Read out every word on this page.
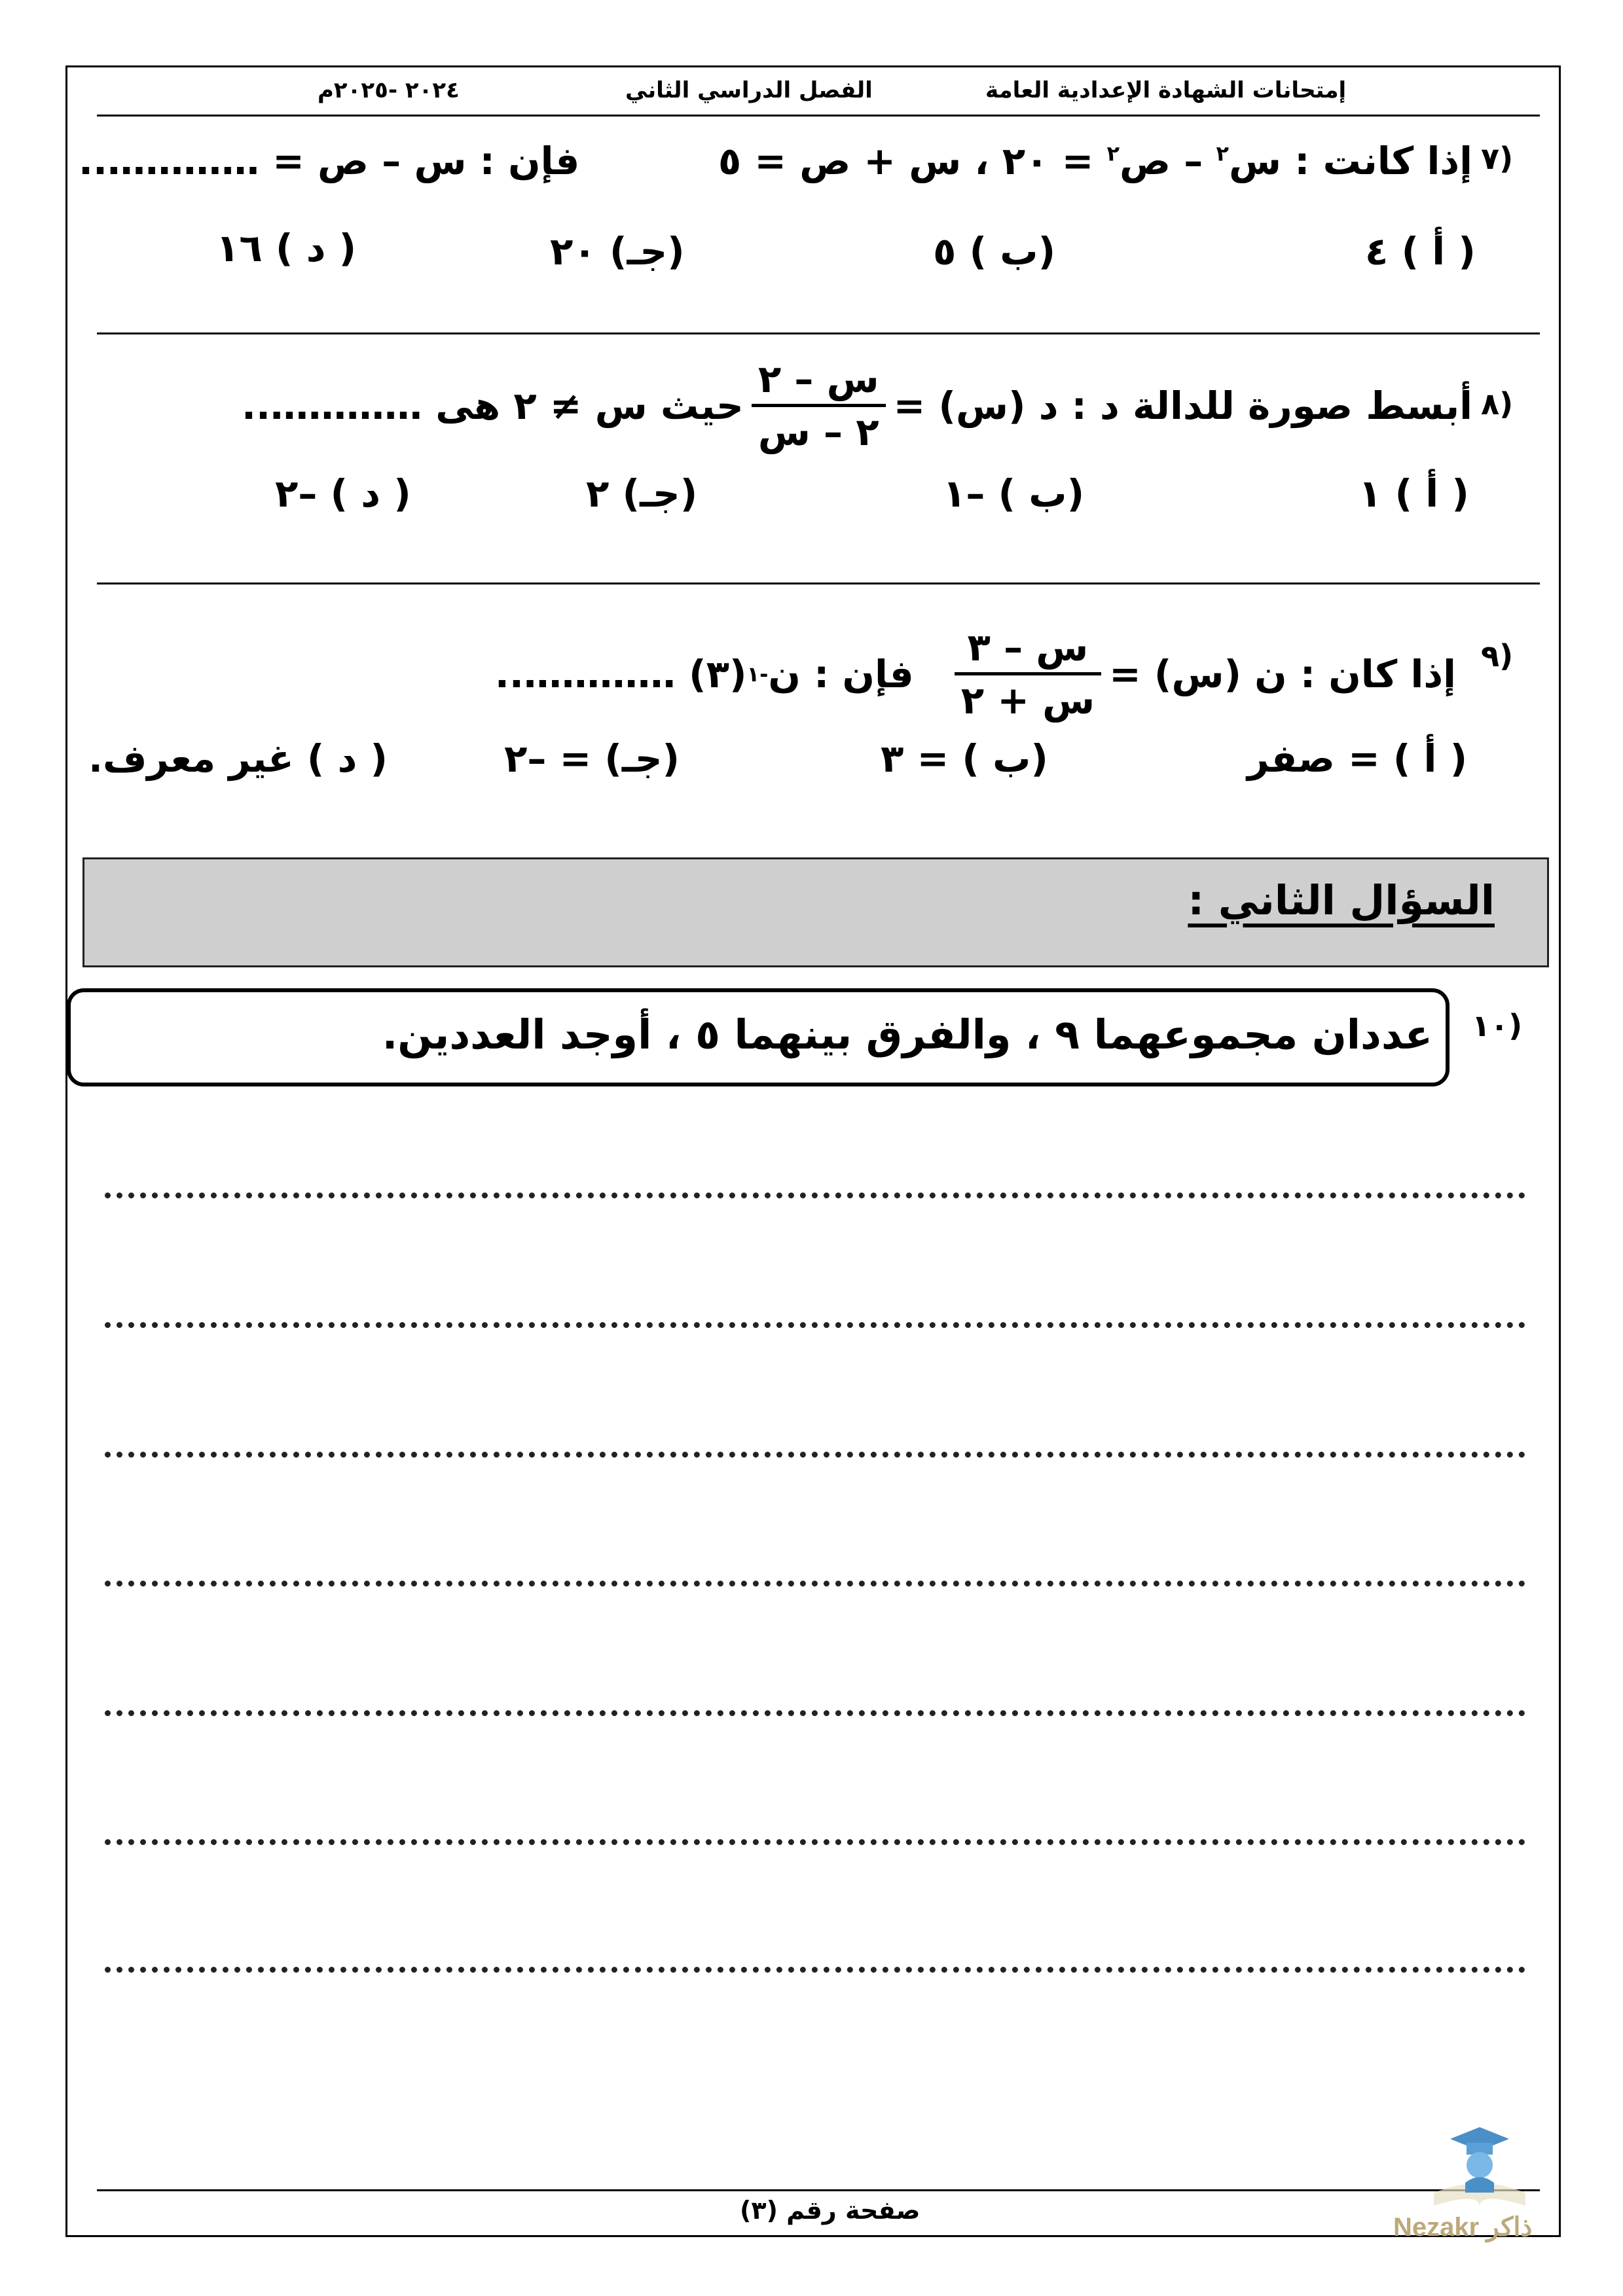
إمتحانات الشهادة الإعدادية العامة
الفصل الدراسي الثاني
٢٠٢٤ -٢٠٢٥م
٧)
إذا كانت : س$^٢$ – ص$^٢$ = ٢٠ ، س + ص = ٥
فإن : س – ص = …………..
( أ ) ٤
(ب ) ٥
(جـ) ٢٠
( د ) ١٦
٨)
أبسط صورة للدالة د : د (س) =
$\frac{\text{س – ٢}}{\text{٢ – س}}$
حيث س ≠ ٢ هى …………..
( أ ) ١
(ب ) –١
(جـ) ٢
( د ) –٢
٩)
إذا كان : ن (س) =
$\frac{\text{س – ٣}}{\text{س + ٢}}$
فإن : ن
-١
(٣) …………..
( أ ) = صفر
(ب ) = ٣
(جـ) = –٢
( د ) غير معرف.
السؤال الثاني :
١٠)
عددان مجموعهما ٩ ، والفرق بينهما ٥ ، أوجد العددين.
صفحة رقم (٣)
Nezakr ذاكر
